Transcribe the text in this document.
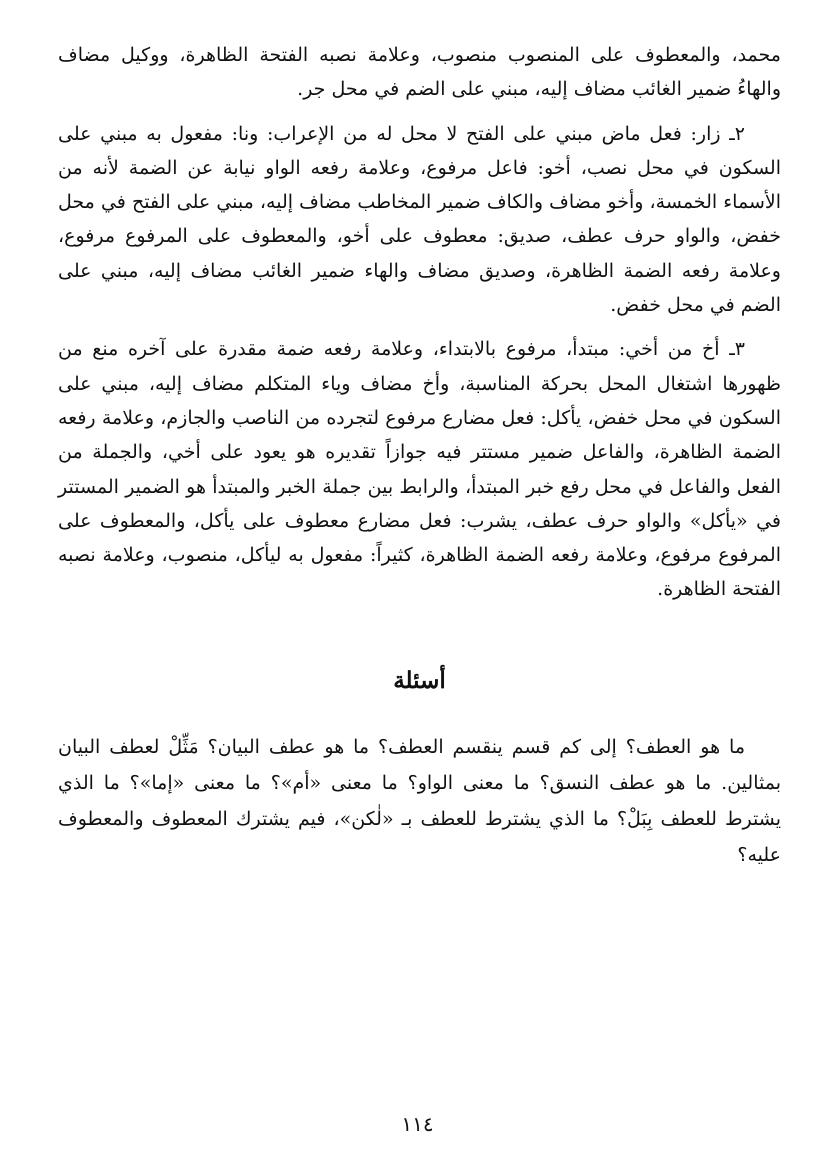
محمد، والمعطوف على المنصوب منصوب، وعلامة نصبه الفتحة الظاهرة، ووكيل مضاف والهاءُ ضمير الغائب مضاف إليه، مبني على الضم في محل جر.

٢ـ زار: فعل ماض مبني على الفتح لا محل له من الإعراب: ونا: مفعول به مبني على السكون في محل نصب، أخو: فاعل مرفوع، وعلامة رفعه الواو نيابة عن الضمة لأنه من الأسماء الخمسة، وأخو مضاف والكاف ضمير المخاطب مضاف إليه، مبني على الفتح في محل خفض، والواو حرف عطف، صديق: معطوف على أخو، والمعطوف على المرفوع مرفوع، وعلامة رفعه الضمة الظاهرة، وصديق مضاف والهاء ضمير الغائب مضاف إليه، مبني على الضم في محل خفض.

٣ـ أخ من أخي: مبتدأ، مرفوع بالابتداء، وعلامة رفعه ضمة مقدرة على آخره منع من ظهورها اشتغال المحل بحركة المناسبة، وأخ مضاف وياء المتكلم مضاف إليه، مبني على السكون في محل خفض، يأكل: فعل مضارع مرفوع لتجرده من الناصب والجازم، وعلامة رفعه الضمة الظاهرة، والفاعل ضمير مستتر فيه جوازاً تقديره هو يعود على أخي، والجملة من الفعل والفاعل في محل رفع خبر المبتدأ، والرابط بين جملة الخبر والمبتدأ هو الضمير المستتر في «يأكل» والواو حرف عطف، يشرب: فعل مضارع معطوف على يأكل، والمعطوف على المرفوع مرفوع، وعلامة رفعه الضمة الظاهرة، كثيراً: مفعول به ليأكل، منصوب، وعلامة نصبه الفتحة الظاهرة.

أسئلة

ما هو العطف؟ إلى كم قسم ينقسم العطف؟ ما هو عطف البيان؟ مَثِّلْ لعطف البيان بمثالين. ما هو عطف النسق؟ ما معنى الواو؟ ما معنى «أم»؟ ما معنى «إما»؟ ما الذي يشترط للعطف بِبَلْ؟ ما الذي يشترط للعطف بـ «لٰكن»، فيم يشترك المعطوف والمعطوف عليه؟

١١٤
